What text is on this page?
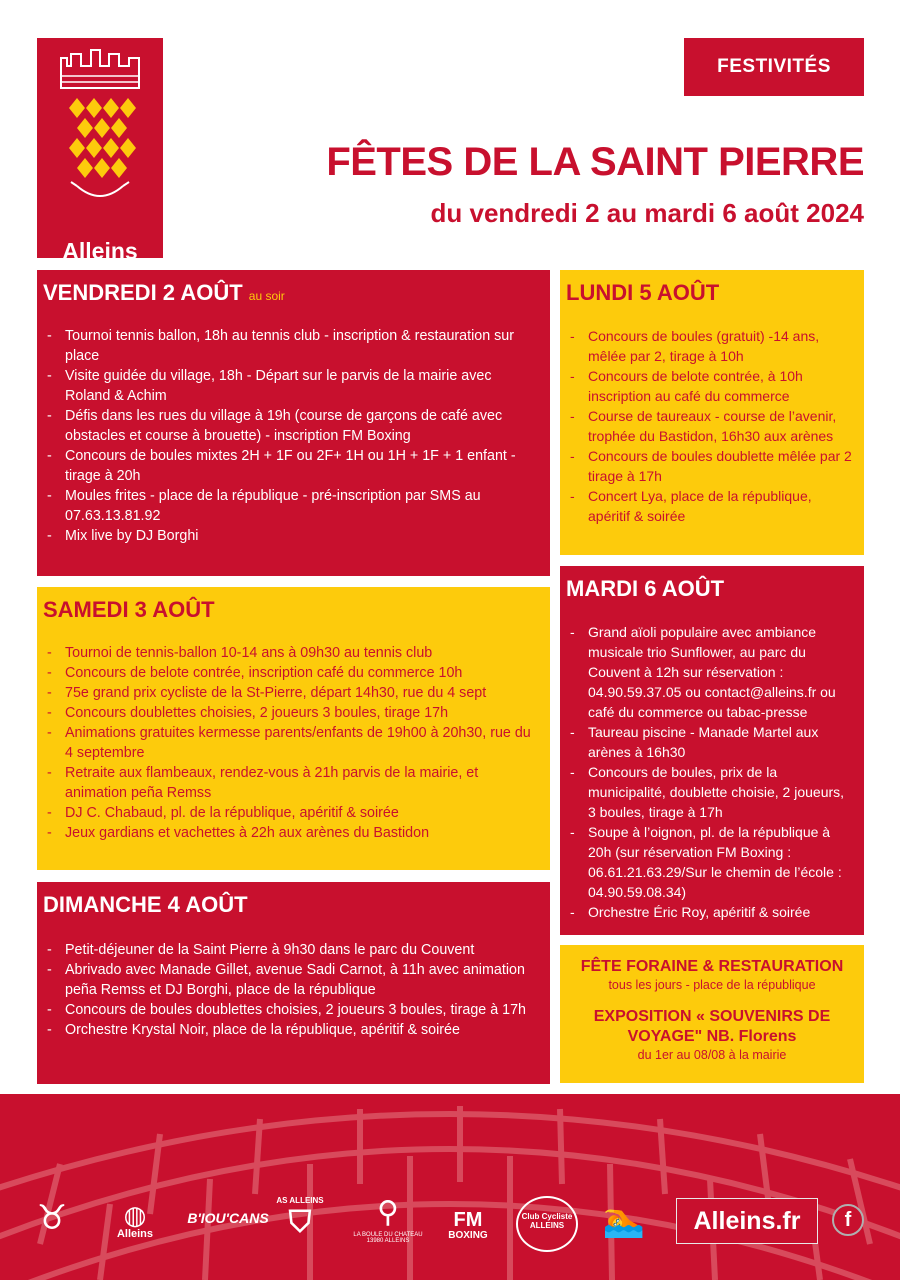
Alleins
FESTIVITÉS
FÊTES DE LA SAINT PIERRE
du vendredi 2 au mardi 6 août 2024
VENDREDI 2 AOÛT au soir
- Tournoi tennis ballon, 18h au tennis club - inscription & restauration sur place
- Visite guidée du village, 18h - Départ sur le parvis de la mairie avec Roland & Achim
- Défis dans les rues du village à 19h (course de garçons de café avec obstacles et course à brouette) - inscription FM Boxing
- Concours de boules mixtes 2H + 1F ou 2F+ 1H ou 1H + 1F + 1 enfant - tirage à 20h
- Moules frites - place de la république - pré-inscription par SMS au 07.63.13.81.92
- Mix live by DJ Borghi
SAMEDI 3 AOÛT
- Tournoi de tennis-ballon 10-14 ans à 09h30 au tennis club
- Concours de belote contrée, inscription café du commerce 10h
- 75e grand prix cycliste de la St-Pierre, départ 14h30, rue du 4 sept
- Concours doublettes choisies, 2 joueurs 3 boules, tirage 17h
- Animations gratuites kermesse parents/enfants de 19h00 à 20h30, rue du 4 septembre
- Retraite aux flambeaux, rendez-vous à 21h parvis de la mairie, et animation peña Remss
- DJ C. Chabaud, pl. de la république, apéritif & soirée
- Jeux gardians et vachettes à 22h aux arènes du Bastidon
DIMANCHE 4 AOÛT
- Petit-déjeuner de la Saint Pierre à 9h30 dans le parc du Couvent
- Abrivado avec Manade Gillet, avenue Sadi Carnot, à 11h avec animation peña Remss et DJ Borghi, place de la république
- Concours de boules doublettes choisies, 2 joueurs 3 boules, tirage à 17h
- Orchestre Krystal Noir, place de la république, apéritif & soirée
LUNDI 5 AOÛT
- Concours de boules (gratuit) -14 ans, mêlée par 2, tirage à 10h
- Concours de belote contrée, à 10h inscription au café du commerce
- Course de taureaux - course de l’avenir, trophée du Bastidon, 16h30 aux arènes
- Concours de boules doublette mêlée par 2 tirage à 17h
- Concert Lya, place de la république, apéritif & soirée
MARDI 6 AOÛT
- Grand aïoli populaire avec ambiance musicale trio Sunflower, au parc du Couvent à 12h sur réservation : 04.90.59.37.05 ou contact@alleins.fr ou café du commerce ou tabac-presse
- Taureau piscine - Manade Martel aux arènes à 16h30
- Concours de boules, prix de la municipalité, doublette choisie, 2 joueurs, 3 boules, tirage à 17h
- Soupe à l’oignon, pl. de la république à 20h (sur réservation FM Boxing : 06.61.21.63.29/Sur le chemin de l’école : 04.90.59.08.34)
- Orchestre Éric Roy, apéritif & soirée
FÊTE FORAINE & RESTAURATION
tous les jours - place de la république
EXPOSITION « SOUVENIRS DE
VOYAGE" NB. Florens
du 1er au 08/08 à la mairie
♉	◍
Alleins
B'IOU'CANS
AS ALLEINS
⛉	⚲
LA BOULE DU CHATEAU 13980 ALLEINS
FM
BOXING
Club Cycliste ALLEINS	🏊	Alleins.fr	f
